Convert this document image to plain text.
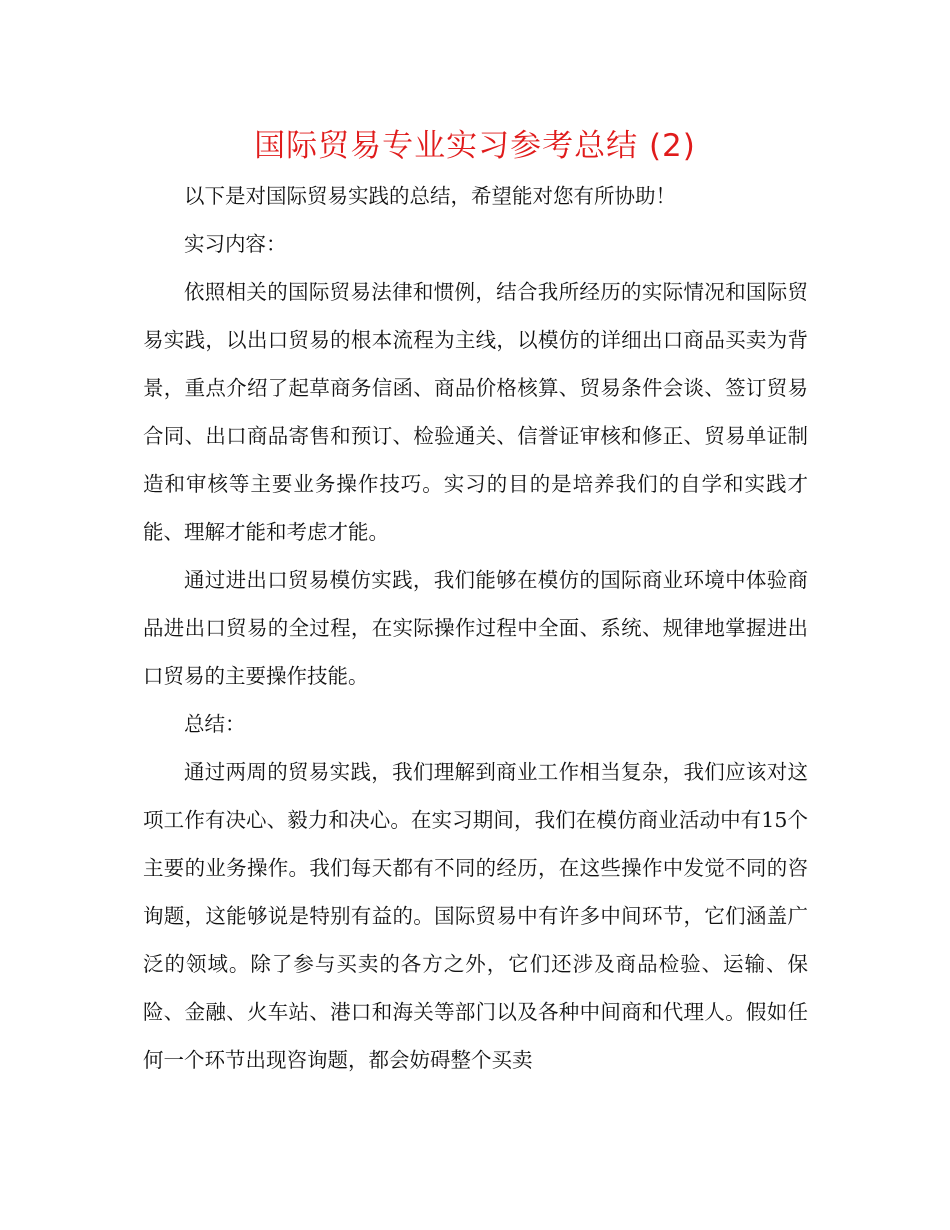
国际贸易专业实习参考总结 (2)

以下是对国际贸易实践的总结，希望能对您有所协助！

实习内容：

依照相关的国际贸易法律和惯例，结合我所经历的实际情况和国际贸易实践，以出口贸易的根本流程为主线，以模仿的详细出口商品买卖为背景，重点介绍了起草商务信函、商品价格核算、贸易条件会谈、签订贸易合同、出口商品寄售和预订、检验通关、信誉证审核和修正、贸易单证制造和审核等主要业务操作技巧。实习的目的是培养我们的自学和实践才能、理解才能和考虑才能。

通过进出口贸易模仿实践，我们能够在模仿的国际商业环境中体验商品进出口贸易的全过程，在实际操作过程中全面、系统、规律地掌握进出口贸易的主要操作技能。

总结：

通过两周的贸易实践，我们理解到商业工作相当复杂，我们应该对这项工作有决心、毅力和决心。在实习期间，我们在模仿商业活动中有15个主要的业务操作。我们每天都有不同的经历，在这些操作中发觉不同的咨询题，这能够说是特别有益的。国际贸易中有许多中间环节，它们涵盖广泛的领域。除了参与买卖的各方之外，它们还涉及商品检验、运输、保险、金融、火车站、港口和海关等部门以及各种中间商和代理人。假如任何一个环节出现咨询题，都会妨碍整个买卖
